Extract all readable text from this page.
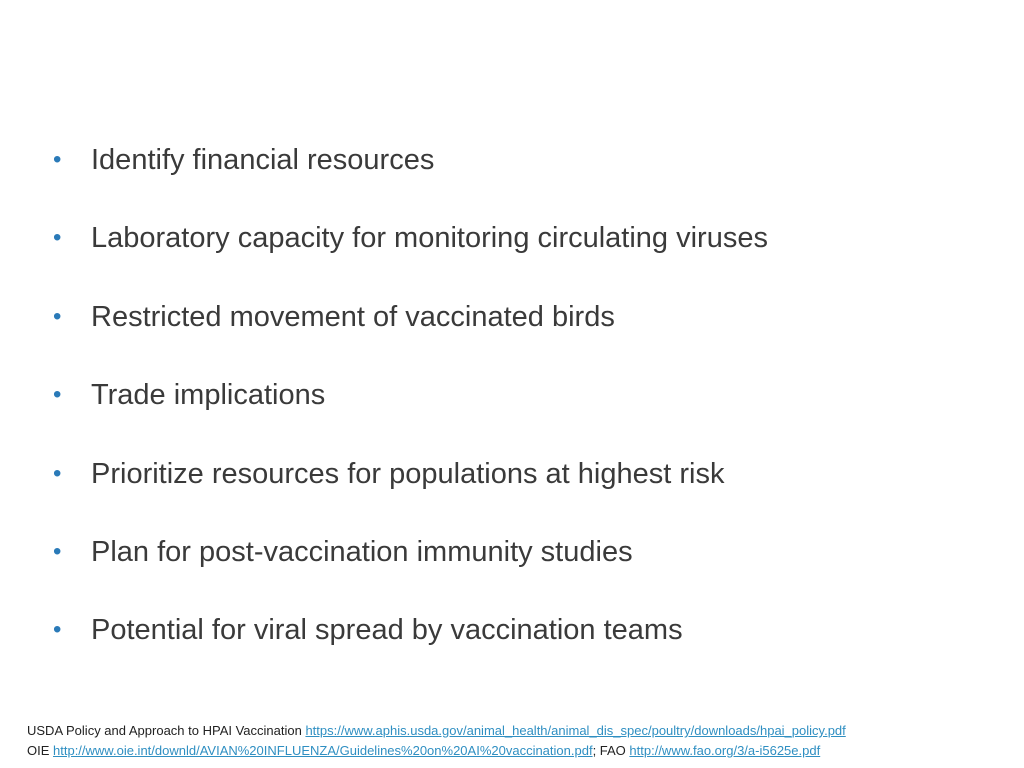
•	Identify financial resources
•	Laboratory capacity for monitoring circulating viruses
•	Restricted movement of vaccinated birds
•	Trade implications
•	Prioritize resources for populations at highest risk
•	Plan for post-vaccination immunity studies
•	Potential for viral spread by vaccination teams
USDA Policy and Approach to HPAI Vaccination https://www.aphis.usda.gov/animal_health/animal_dis_spec/poultry/downloads/hpai_policy.pdf
OIE http://www.oie.int/downld/AVIAN%20INFLUENZA/Guidelines%20on%20AI%20vaccination.pdf; FAO http://www.fao.org/3/a-i5625e.pdf
